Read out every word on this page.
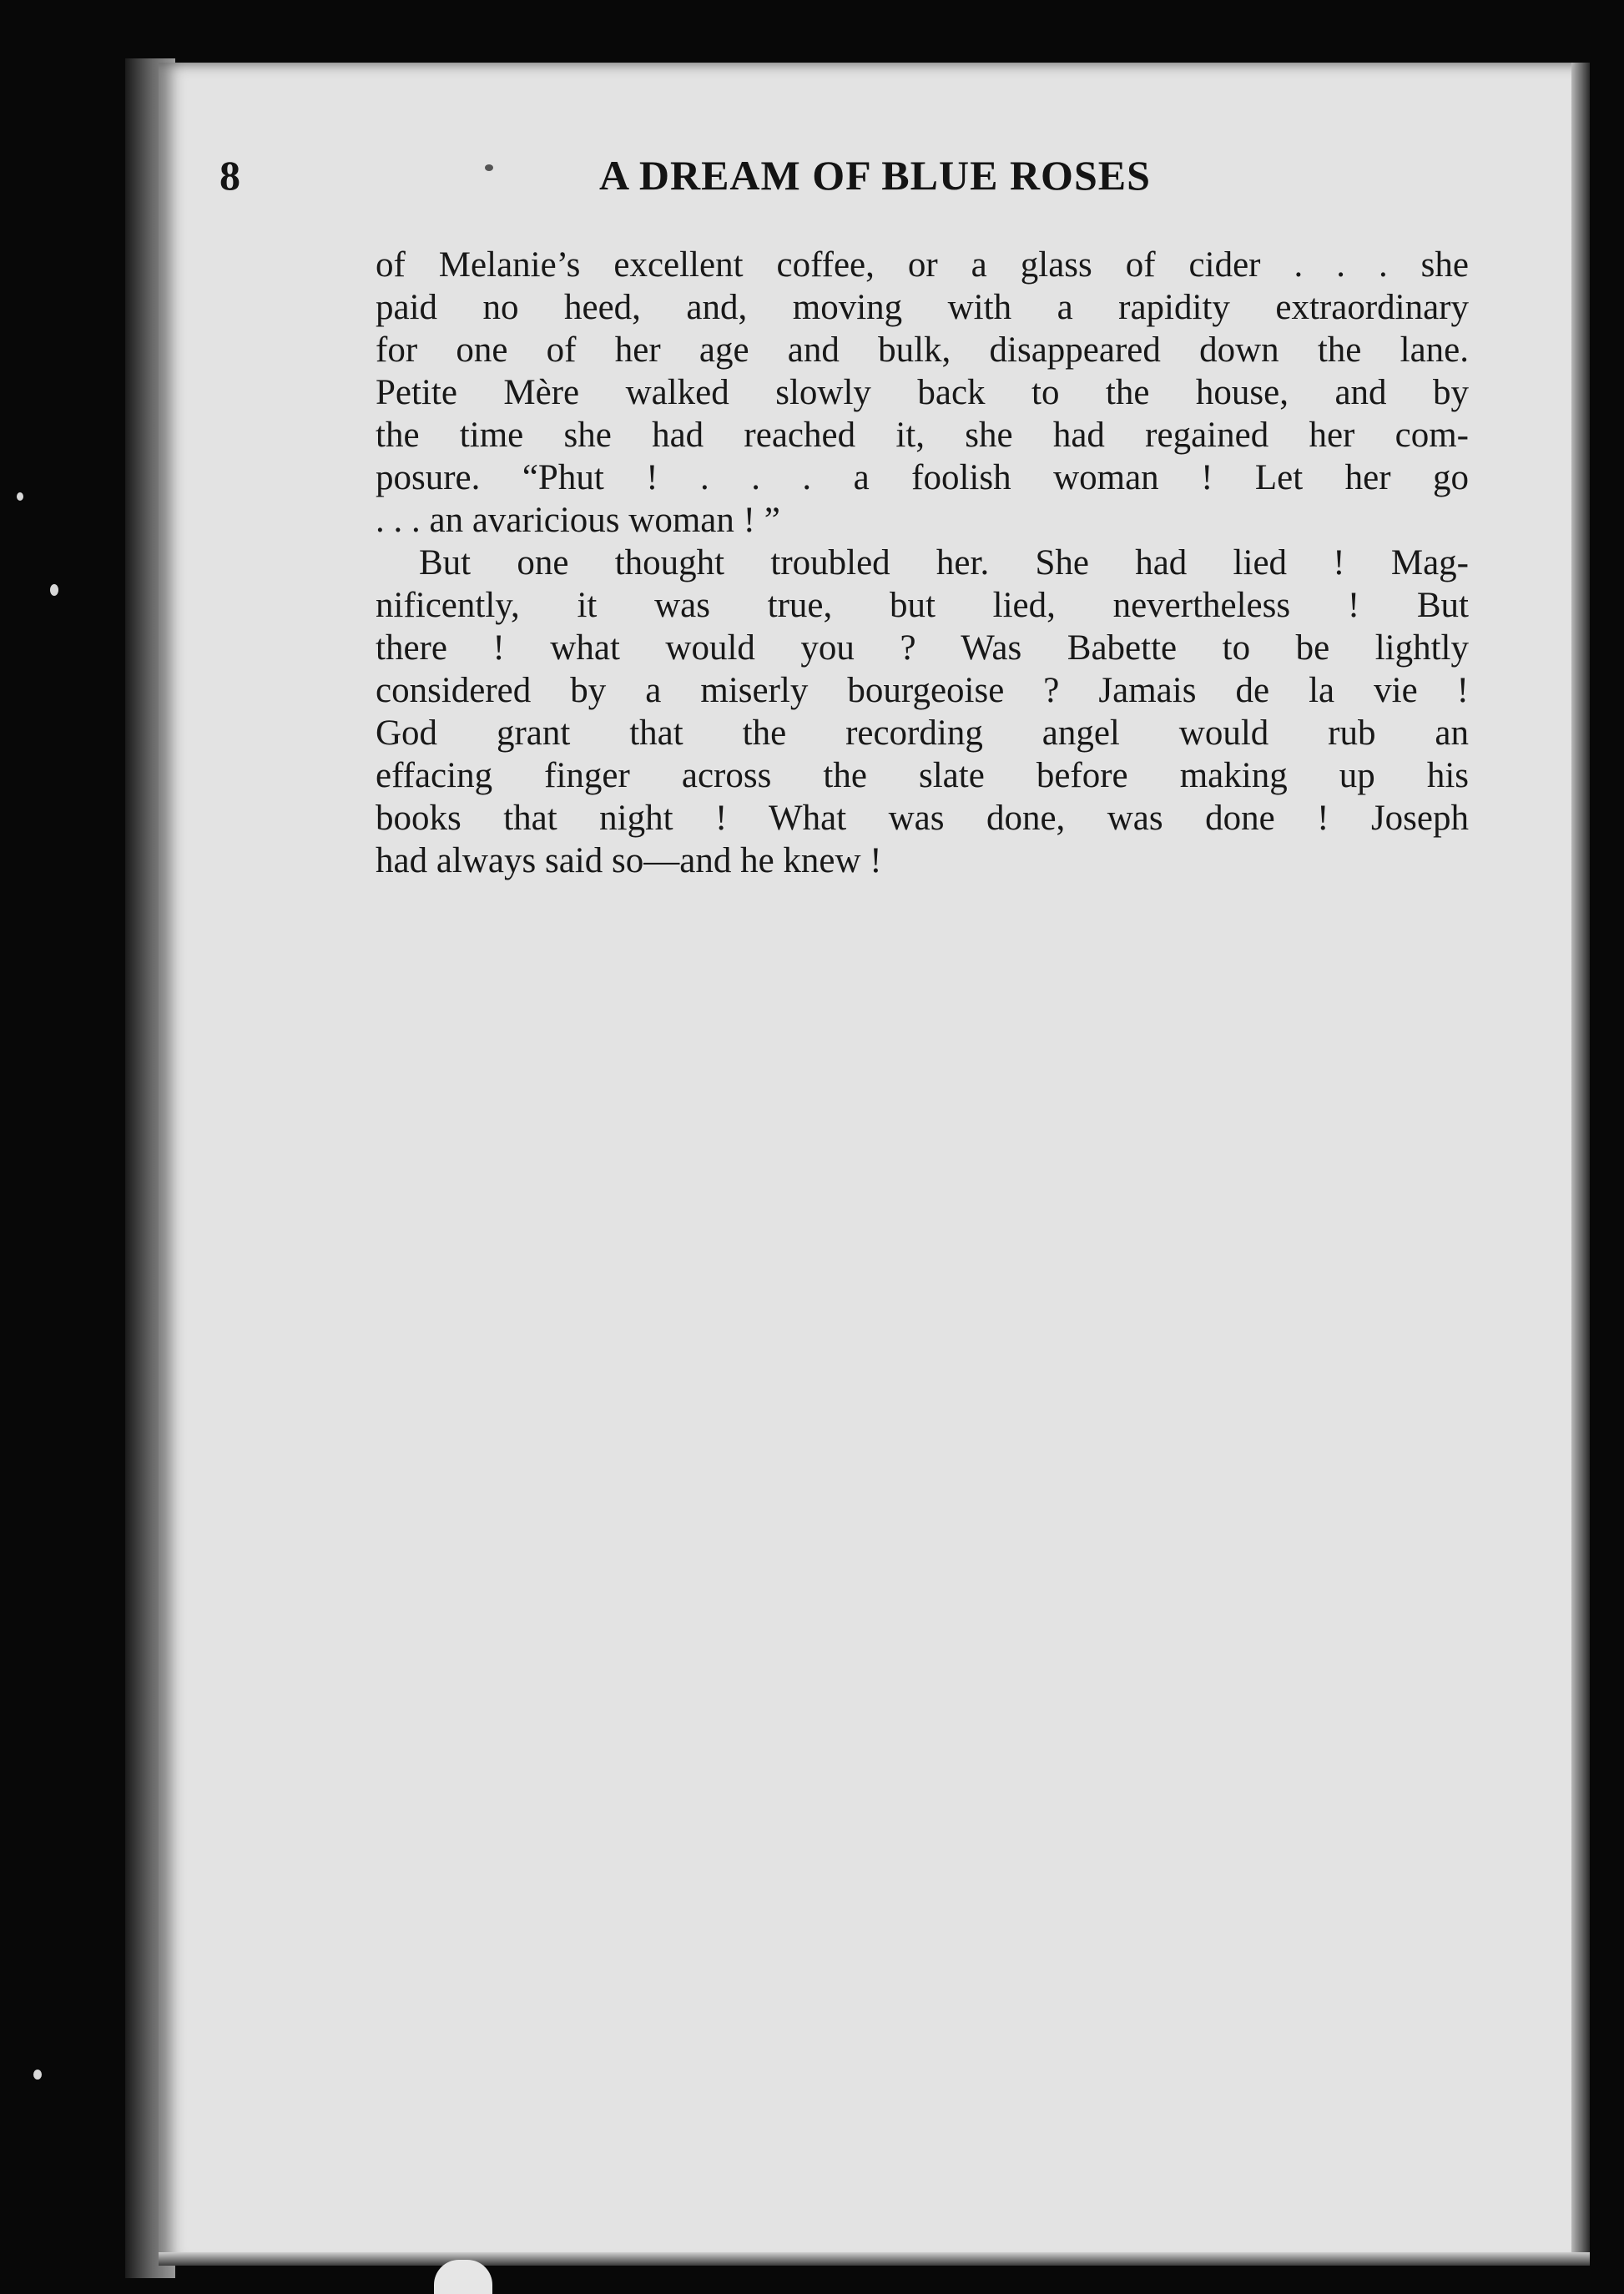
8	A DREAM OF BLUE ROSES
of Melanie’s excellent coffee, or a glass of cider . . . she
paid no heed, and, moving with a rapidity extraordinary
for one of her age and bulk, disappeared down the lane.
Petite Mère walked slowly back to the house, and by
the time she had reached it, she had regained her com-
posure. “Phut ! . . . a foolish woman ! Let her go
. . . an avaricious woman ! ”
But one thought troubled her. She had lied ! Mag-
nificently, it was true, but lied, nevertheless ! But
there ! what would you ? Was Babette to be lightly
considered by a miserly bourgeoise ? Jamais de la vie !
God grant that the recording angel would rub an
effacing finger across the slate before making up his
books that night ! What was done, was done ! Joseph
had always said so—and he knew !
